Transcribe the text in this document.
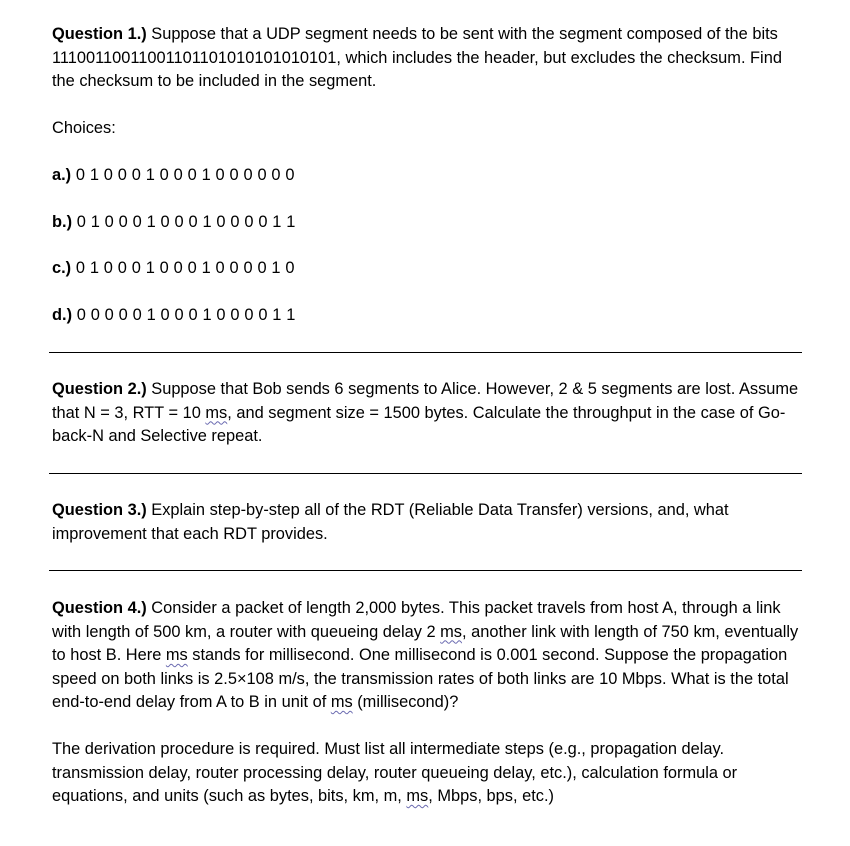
Question 1.) Suppose that a UDP segment needs to be sent with the segment composed of the bits 11100110011001101101010101010101, which includes the header, but excludes the checksum. Find the checksum to be included in the segment.

Choices:

a.) 0 1 0 0 0 1 0 0 0 1 0 0 0 0 0 0

b.) 0 1 0 0 0 1 0 0 0 1 0 0 0 0 1 1

c.) 0 1 0 0 0 1 0 0 0 1 0 0 0 0 1 0

d.) 0 0 0 0 0 1 0 0 0 1 0 0 0 0 1 1

Question 2.) Suppose that Bob sends 6 segments to Alice. However, 2 & 5 segments are lost. Assume that N = 3, RTT = 10 ms, and segment size = 1500 bytes. Calculate the throughput in the case of Go-back-N and Selective repeat.

Question 3.) Explain step-by-step all of the RDT (Reliable Data Transfer) versions, and, what improvement that each RDT provides.

Question 4.) Consider a packet of length 2,000 bytes. This packet travels from host A, through a link with length of 500 km, a router with queueing delay 2 ms, another link with length of 750 km, eventually to host B. Here ms stands for millisecond. One millisecond is 0.001 second. Suppose the propagation speed on both links is 2.5×108 m/s, the transmission rates of both links are 10 Mbps. What is the total end-to-end delay from A to B in unit of ms (millisecond)?

The derivation procedure is required. Must list all intermediate steps (e.g., propagation delay. transmission delay, router processing delay, router queueing delay, etc.), calculation formula or equations, and units (such as bytes, bits, km, m, ms, Mbps, bps, etc.)
